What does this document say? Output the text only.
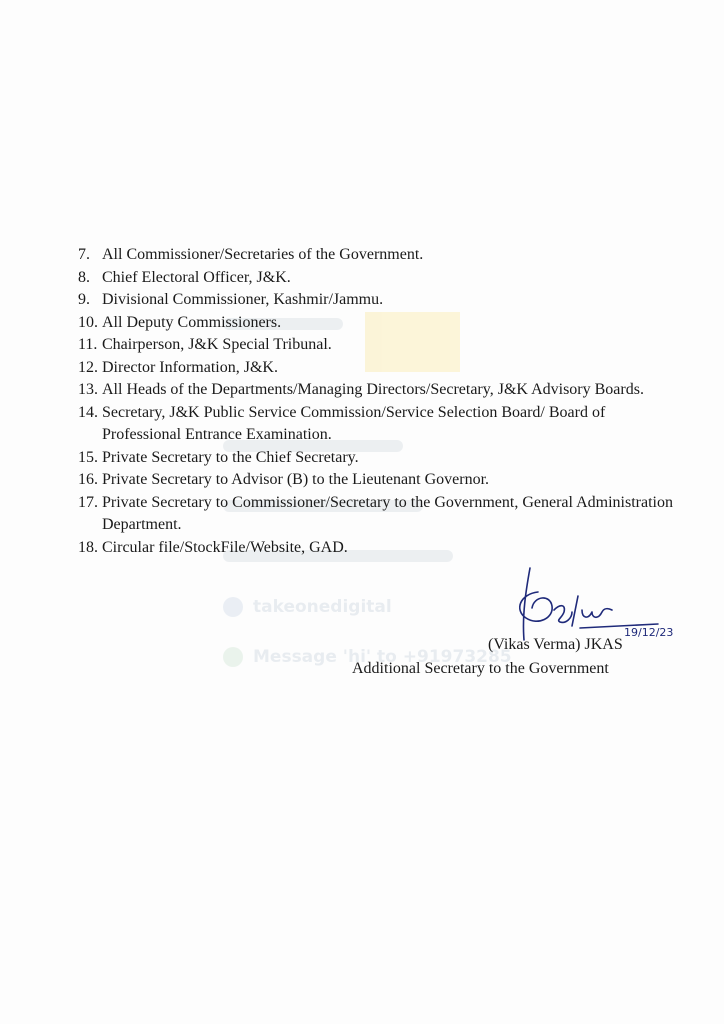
takeonedigital
Message 'hi' to +91973285
7. All Commissioner/Secretaries of the Government.
8. Chief Electoral Officer, J&K.
9. Divisional Commissioner, Kashmir/Jammu.
10. All Deputy Commissioners.
11. Chairperson, J&K Special Tribunal.
12. Director Information, J&K.
13. All Heads of the Departments/Managing Directors/Secretary, J&K Advisory Boards.
14. Secretary, J&K Public Service Commission/Service Selection Board/ Board of Professional Entrance Examination.
15. Private Secretary to the Chief Secretary.
16. Private Secretary to Advisor (B) to the Lieutenant Governor.
17. Private Secretary to Commissioner/Secretary to the Government, General Administration Department.
18. Circular file/StockFile/Website, GAD.
19/12/23
(Vikas Verma) JKAS
Additional Secretary to the Government
